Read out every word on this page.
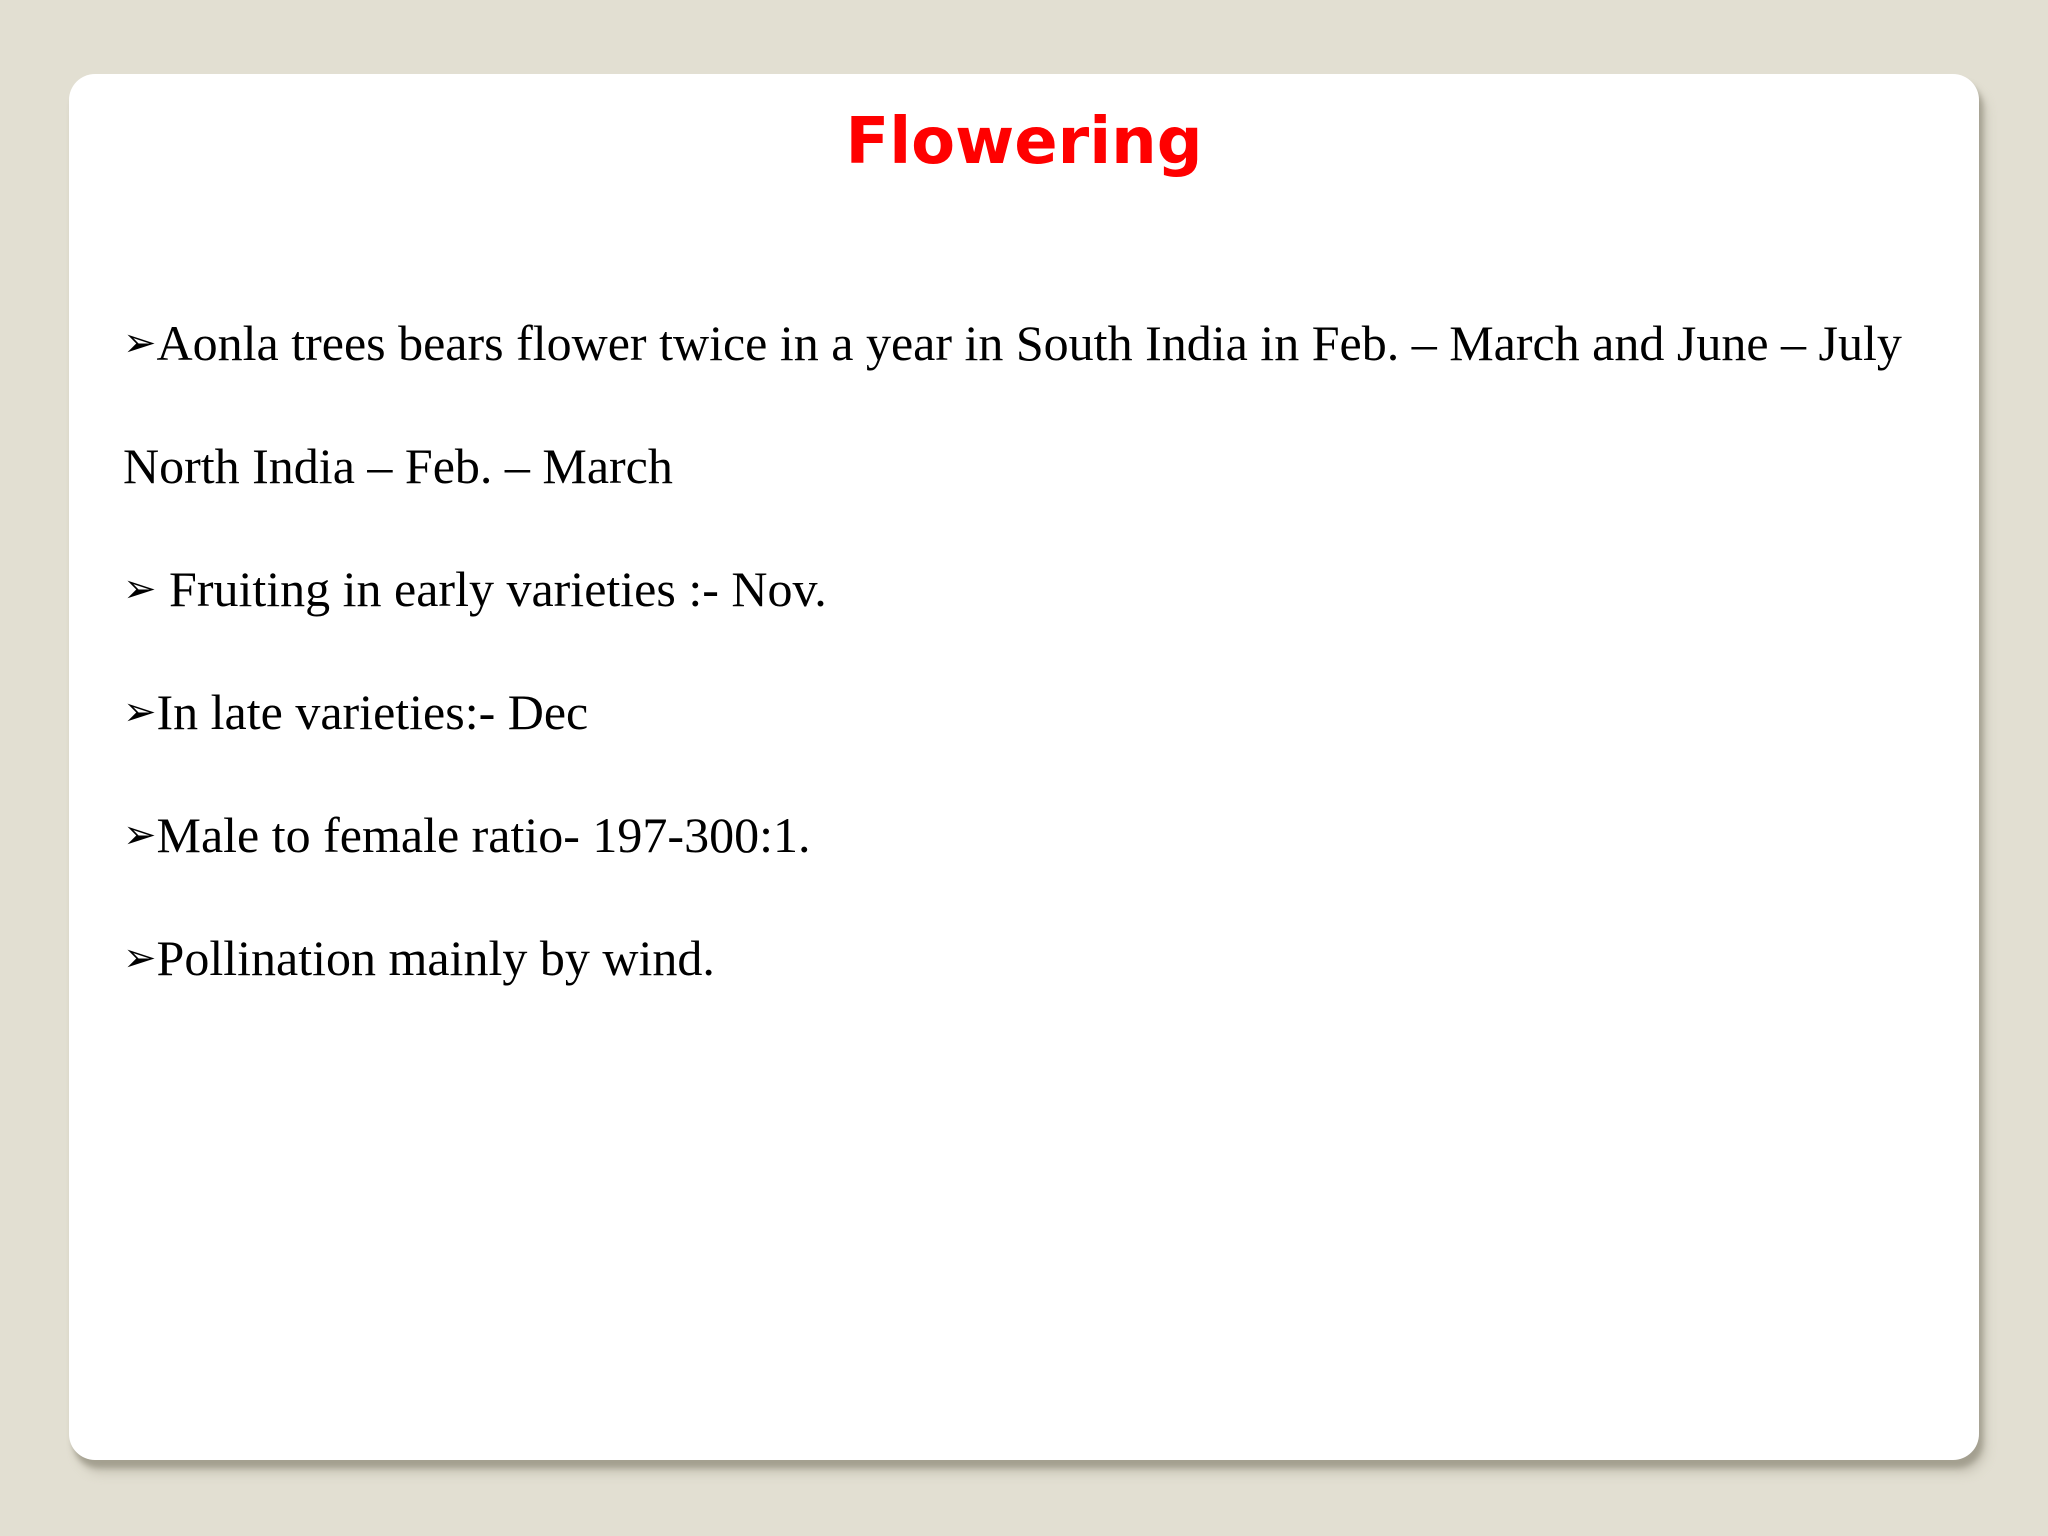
Flowering
➢Aonla trees bears flower twice in a year in South India in Feb. – March and June – July
North India – Feb. – March
➢ Fruiting in early varieties :- Nov.
➢In late varieties:- Dec
➢Male to female ratio- 197-300:1.
➢Pollination mainly by wind.
